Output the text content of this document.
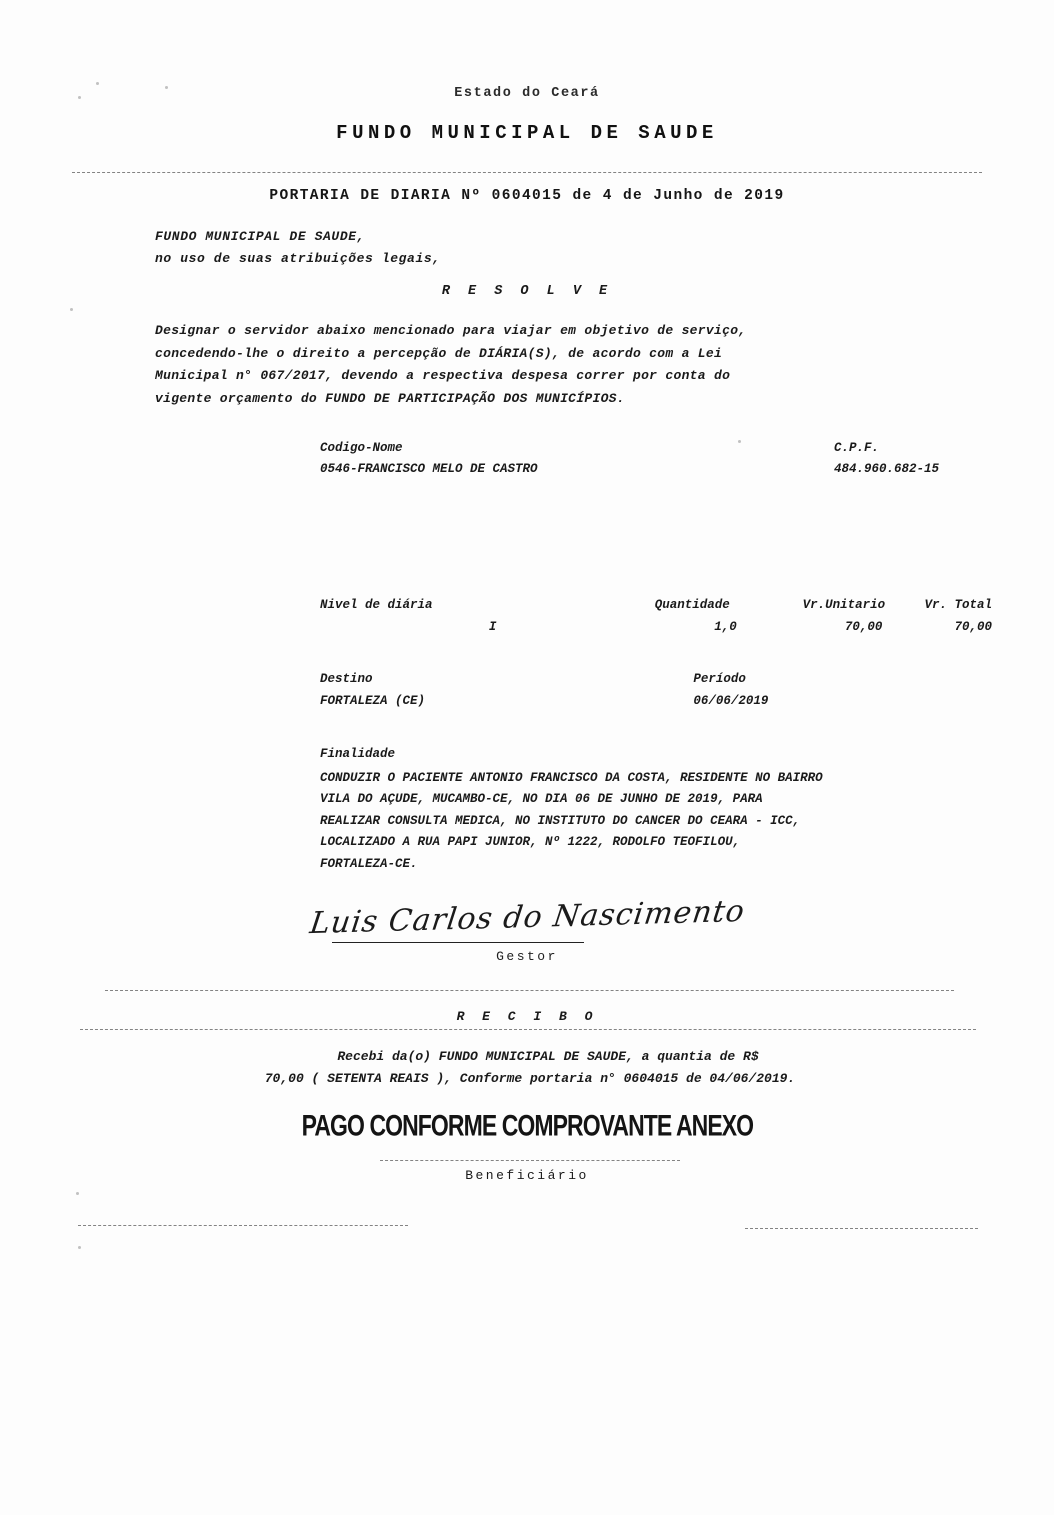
Estado do Ceará
FUNDO MUNICIPAL DE SAUDE
PORTARIA DE DIARIA Nº 0604015 de 4 de Junho de 2019
FUNDO MUNICIPAL DE SAUDE,
no uso de suas atribuições legais,
R E S O L V E
Designar o servidor abaixo mencionado para viajar em objetivo de serviço,
concedendo-lhe o direito a percepção de DIÁRIA(S), de acordo com a Lei
Municipal n° 067/2017, devendo a respectiva despesa correr por conta do
vigente orçamento do FUNDO DE PARTICIPAÇÃO DOS MUNICÍPIOS.
Codigo-Nome	C.P.F.
0546-FRANCISCO MELO DE CASTRO	484.960.682-15
Nivel de diária	Quantidade	Vr.Unitario	Vr. Total
I	1,0	70,00	70,00
Destino	Período
FORTALEZA (CE)	06/06/2019
Finalidade
CONDUZIR O PACIENTE ANTONIO FRANCISCO DA COSTA, RESIDENTE NO BAIRRO
VILA DO AÇUDE, MUCAMBO-CE, NO DIA 06 DE JUNHO DE 2019, PARA
REALIZAR CONSULTA MEDICA, NO INSTITUTO DO CANCER DO CEARA - ICC,
LOCALIZADO A RUA PAPI JUNIOR, Nº 1222, RODOLFO TEOFILOU,
FORTALEZA-CE.
Luis Carlos do Nascimento
Gestor
R E C I B O
Recebi da(o) FUNDO MUNICIPAL DE SAUDE, a quantia de R$
70,00 ( SETENTA REAIS ), Conforme portaria n° 0604015 de 04/06/2019.
PAGO CONFORME COMPROVANTE ANEXO
Beneficiário
